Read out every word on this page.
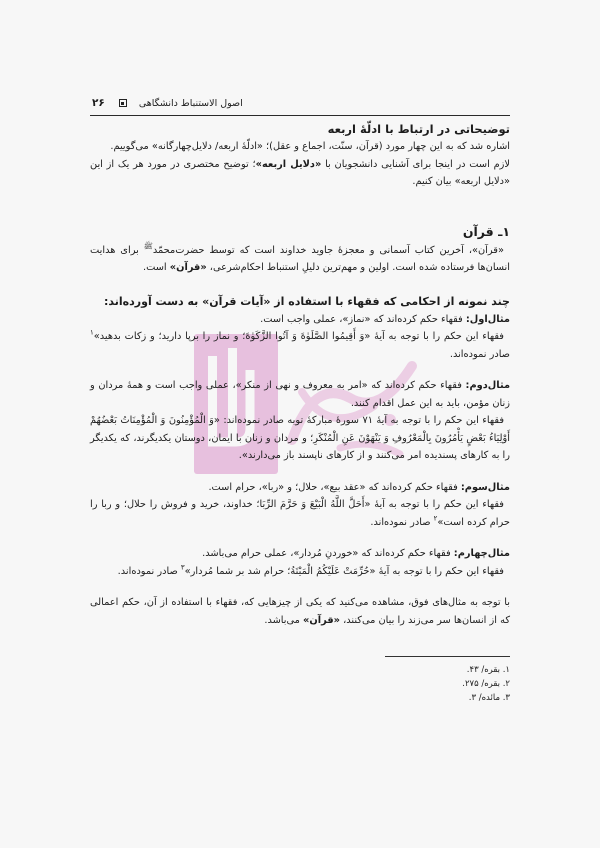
۲۶	اصول الاستنباط دانشگاهی
توضیحاتی در ارتباط با ادلّهٔ اربعه

اشاره شد که به این چهار مورد (قرآن، سنّت، اجماع و عقل)؛ «ادلّهٔ اربعه/ دلایل‌چهارگانه» می‌گوییم.

لازم است در اینجا برای آشنایی دانشجویان با «دلایل اربعه»؛ توضیح مختصری در مورد هر یک از این «دلایل اربعه» بیان کنیم.

۱ـ قرآن

«قرآن»، آخرین کتاب آسمانی و معجزهٔ جاوید خداوند است که توسط حضرت‌محمّد$^ﷺ$ برای هدایت انسان‌ها فرستاده شده است. اولین و مهم‌ترین دلیلِ استنباط احکام‌شرعی، «قرآن» است.

چند نمونه از احکامی که فقهاء با استفاده از «آیات قرآن» به دست آورده‌اند:

مثال‌اول: فقهاء حکم کرده‌اند که «نماز»، عملی واجب است.

فقهاء این حکم را با توجه به آیهٔ «وَ أَقِيمُوا الصَّلَوٰةَ وَ آتُوا الزَّكَوٰةَ؛ و نماز را برپا دارید؛ و زکات بدهید»$^۱$ صادر نموده‌اند.

مثال‌دوم: فقهاء حکم کرده‌اند که «امر به معروف و نهی از منکر»، عملی واجب است و همهٔ مردان و زنان مؤمن، باید به این عمل اقدام کنند.

فقهاء این حکم را با توجه به آیهٔ ۷۱ سورهٔ مبارکهٔ توبه صادر نموده‌اند: «وَ الْمُؤْمِنُونَ وَ الْمُؤْمِنَاتُ بَعْضُهُمْ أَوْلِيَاءُ بَعْضٍ يَأْمُرُونَ بِالْمَعْرُوفِ وَ يَنْهَوْنَ عَنِ الْمُنْكَرِ؛ و مردان و زنان با ایمان، دوستان یکدیگرند، که یکدیگر را به کارهای پسندیده امر می‌کنند و از کارهای ناپسند باز می‌دارند».

مثال‌سوم: فقهاء حکم کرده‌اند که «عقد بیع»، حلال؛ و «ربا»، حرام است.

فقهاء این حکم را با توجه به آیهٔ «أَحَلَّ اللَّهُ الْبَيْعَ وَ حَرَّمَ الرِّبَا؛ خداوند، خرید و فروش را حلال؛ و ربا را حرام کرده است»$^۲$ صادر نموده‌اند.

مثال‌چهارم: فقهاء حکم کرده‌اند که «خوردنِ مُردار»، عملی حرام می‌باشد.

فقهاء این حکم را با توجه به آیهٔ «حُرِّمَتْ عَلَيْكُمُ الْمَيْتَةُ؛ حرام شد بر شما مُردار»$^۳$ صادر نموده‌اند.

با توجه به مثال‌های فوق، مشاهده می‌کنید که یکی از چیزهایی که، فقهاء با استفاده از آن، حکم اعمالی که از انسان‌ها سر می‌زند را بیان می‌کنند، «قرآن» می‌باشد.

۱. بقره/ ۴۳.
۲. بقره/ ۲۷۵.
۳. مائده/ ۳.
